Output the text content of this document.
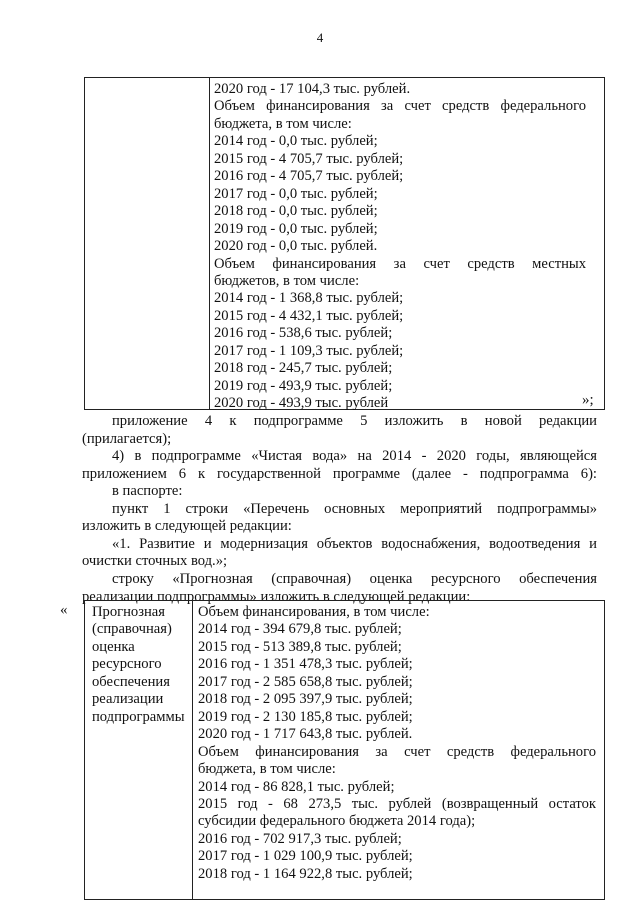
4
2020 год - 17 104,3 тыс. рублей.
Объем финансирования за счет средств федерального
бюджета, в том числе:
2014 год - 0,0 тыс. рублей;
2015 год - 4 705,7 тыс. рублей;
2016 год - 4 705,7 тыс. рублей;
2017 год - 0,0 тыс. рублей;
2018 год - 0,0 тыс. рублей;
2019 год - 0,0 тыс. рублей;
2020 год - 0,0 тыс. рублей.
Объем финансирования за счет средств местных
бюджетов, в том числе:
2014 год - 1 368,8 тыс. рублей;
2015 год - 4 432,1 тыс. рублей;
2016 год - 538,6 тыс. рублей;
2017 год - 1 109,3 тыс. рублей;
2018 год - 245,7 тыс. рублей;
2019 год - 493,9 тыс. рублей;
2020 год - 493,9 тыс. рублей	»;
приложение 4 к подпрограмме 5 изложить в новой редакции
(прилагается);
4) в подпрограмме «Чистая вода» на 2014 - 2020 годы, являющейся
приложением 6 к государственной программе (далее - подпрограмма 6):
в паспорте:
пункт 1 строки «Перечень основных мероприятий подпрограммы»
изложить в следующей редакции:
«1. Развитие и модернизация объектов водоснабжения, водоотведения и
очистки сточных вод.»;
строку «Прогнозная (справочная) оценка ресурсного обеспечения
реализации подпрограммы» изложить в следующей редакции:
« Прогнозная
(справочная)
оценка
ресурсного
обеспечения
реализации
подпрограммы
Объем финансирования, в том числе:
2014 год - 394 679,8 тыс. рублей;
2015 год - 513 389,8 тыс. рублей;
2016 год - 1 351 478,3 тыс. рублей;
2017 год - 2 585 658,8 тыс. рублей;
2018 год - 2 095 397,9 тыс. рублей;
2019 год - 2 130 185,8 тыс. рублей;
2020 год - 1 717 643,8 тыс. рублей.
Объем финансирования за счет средств федерального
бюджета, в том числе:
2014 год - 86 828,1 тыс. рублей;
2015 год - 68 273,5 тыс. рублей (возвращенный остаток
субсидии федерального бюджета 2014 года);
2016 год - 702 917,3 тыс. рублей;
2017 год - 1 029 100,9 тыс. рублей;
2018 год - 1 164 922,8 тыс. рублей;
